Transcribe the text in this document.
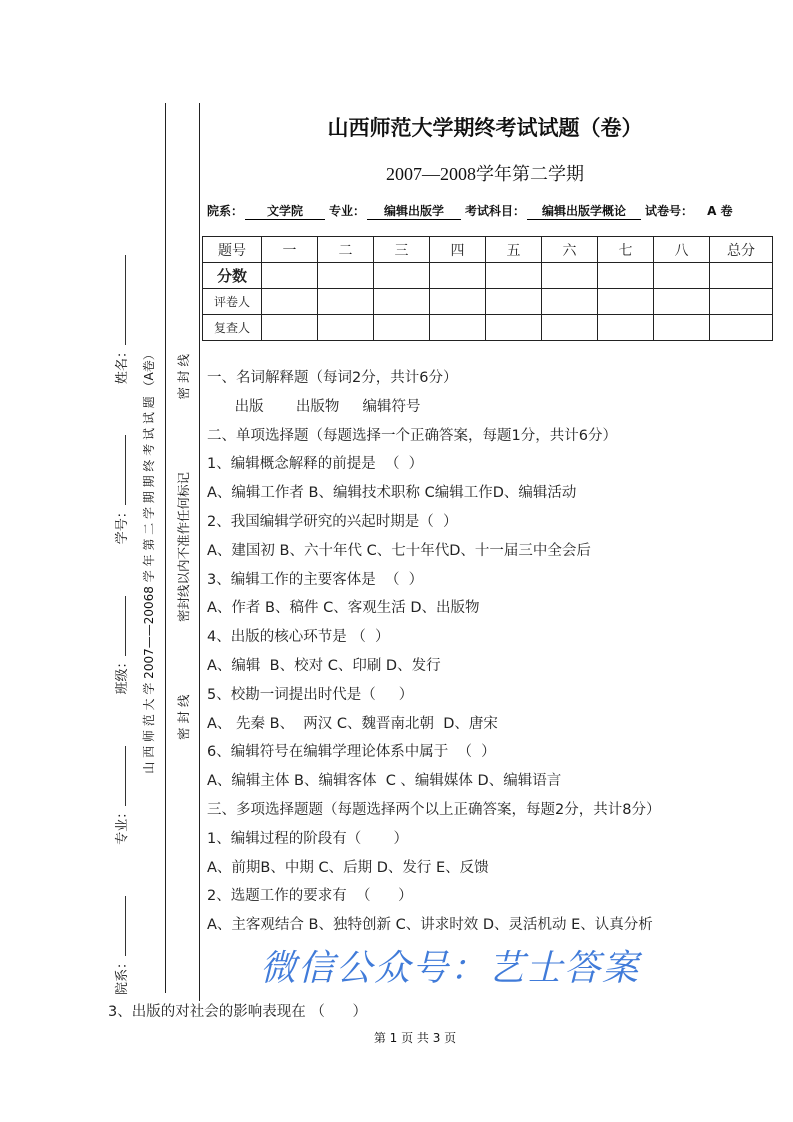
院系：
专业：
班级：
学号：
姓名： 山 西 师 范 大 学 2007——20068 学 年 第 二 学 期 期 终 考 试 试 题 （A卷） 密 封 线
密封线以内不准作任何标记
密 封 线
山西师范大学期终考试试题（卷）
2007—2008学年第二学期
院系：	文学院	专业：	编辑出版学	考试科目：	编辑出版学概论	试卷号： A 卷
题号	一	二	三	四	五	六	七	八	总分
分数									
评卷人									
复查人									
一、名词解释题（每词2分，共计6分）
出版       出版物     编辑符号
二、单项选择题（每题选择一个正确答案，每题1分，共计6分）
1、编辑概念解释的前提是  （  ）
A、编辑工作者 B、编辑技术职称 C编辑工作D、编辑活动
2、我国编辑学研究的兴起时期是（  ）
A、建国初 B、六十年代 C、七十年代D、十一届三中全会后
3、编辑工作的主要客体是  （  ）
A、作者 B、稿件 C、客观生活 D、出版物
4、出版的核心环节是 （  ）
A、编辑  B、校对 C、印刷 D、发行
5、校勘一词提出时代是（     ）
A、 先秦 B、  两汉 C、魏晋南北朝  D、唐宋
6、编辑符号在编辑学理论体系中属于  （  ）
A、编辑主体 B、编辑客体  C 、编辑媒体 D、编辑语言
三、多项选择题题（每题选择两个以上正确答案，每题2分，共计8分）
1、编辑过程的阶段有（       ）
A、前期B、中期 C、后期 D、发行 E、反馈
2、选题工作的要求有  （      ）
A、主客观结合 B、独特创新 C、讲求时效 D、灵活机动 E、认真分析
微信公众号：艺士答案
3、出版的对社会的影响表现在 （      ）
第 1 页 共 3 页
